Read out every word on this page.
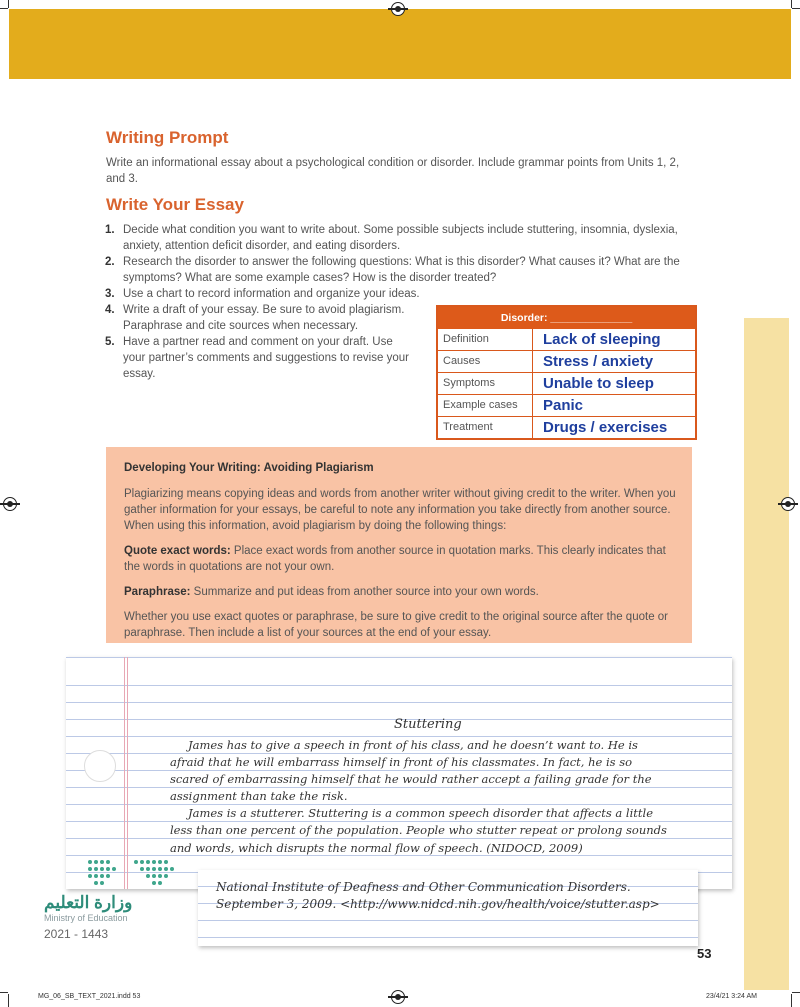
Writing Prompt
Write an informational essay about a psychological condition or disorder. Include grammar points from Units 1, 2, and 3.
Write Your Essay
1. Decide what condition you want to write about. Some possible subjects include stuttering, insomnia, dyslexia, anxiety, attention deficit disorder, and eating disorders.
2. Research the disorder to answer the following questions: What is this disorder? What causes it? What are the symptoms? What are some example cases? How is the disorder treated?
3. Use a chart to record information and organize your ideas.
4. Write a draft of your essay. Be sure to avoid plagiarism. Paraphrase and cite sources when necessary.
5. Have a partner read and comment on your draft. Use your partner’s comments and suggestions to revise your essay.
Disorder: ______________
Definition	Lack of sleeping
Causes	Stress / anxiety
Symptoms	Unable to sleep
Example cases	Panic
Treatment	Drugs / exercises
Developing Your Writing: Avoiding Plagiarism

Plagiarizing means copying ideas and words from another writer without giving credit to the writer. When you gather information for your essays, be careful to note any information you take directly from another source. When using this information, avoid plagiarism by doing the following things:

Quote exact words: Place exact words from another source in quotation marks. This clearly indicates that the words in quotations are not your own.

Paraphrase: Summarize and put ideas from another source into your own words.

Whether you use exact quotes or paraphrase, be sure to give credit to the original source after the quote or paraphrase. Then include a list of your sources at the end of your essay.

Stuttering
James has to give a speech in front of his class, and he doesn’t want to. He is
afraid that he will embarrass himself in front of his classmates. In fact, he is so
scared of embarrassing himself that he would rather accept a failing grade for the
assignment than take the risk.
James is a stutterer. Stuttering is a common speech disorder that affects a little
less than one percent of the population. People who stutter repeat or prolong sounds
and words, which disrupts the normal flow of speech. (NIDOCD, 2009)
National Institute of Deafness and Other Communication Disorders.
September 3, 2009. <http://www.nidcd.nih.gov/health/voice/stutter.asp>
وزارة التعليم
Ministry of Education
2021 - 1443
53
MG_06_SB_TEXT_2021.indd 53	23/4/21 3:24 AM
